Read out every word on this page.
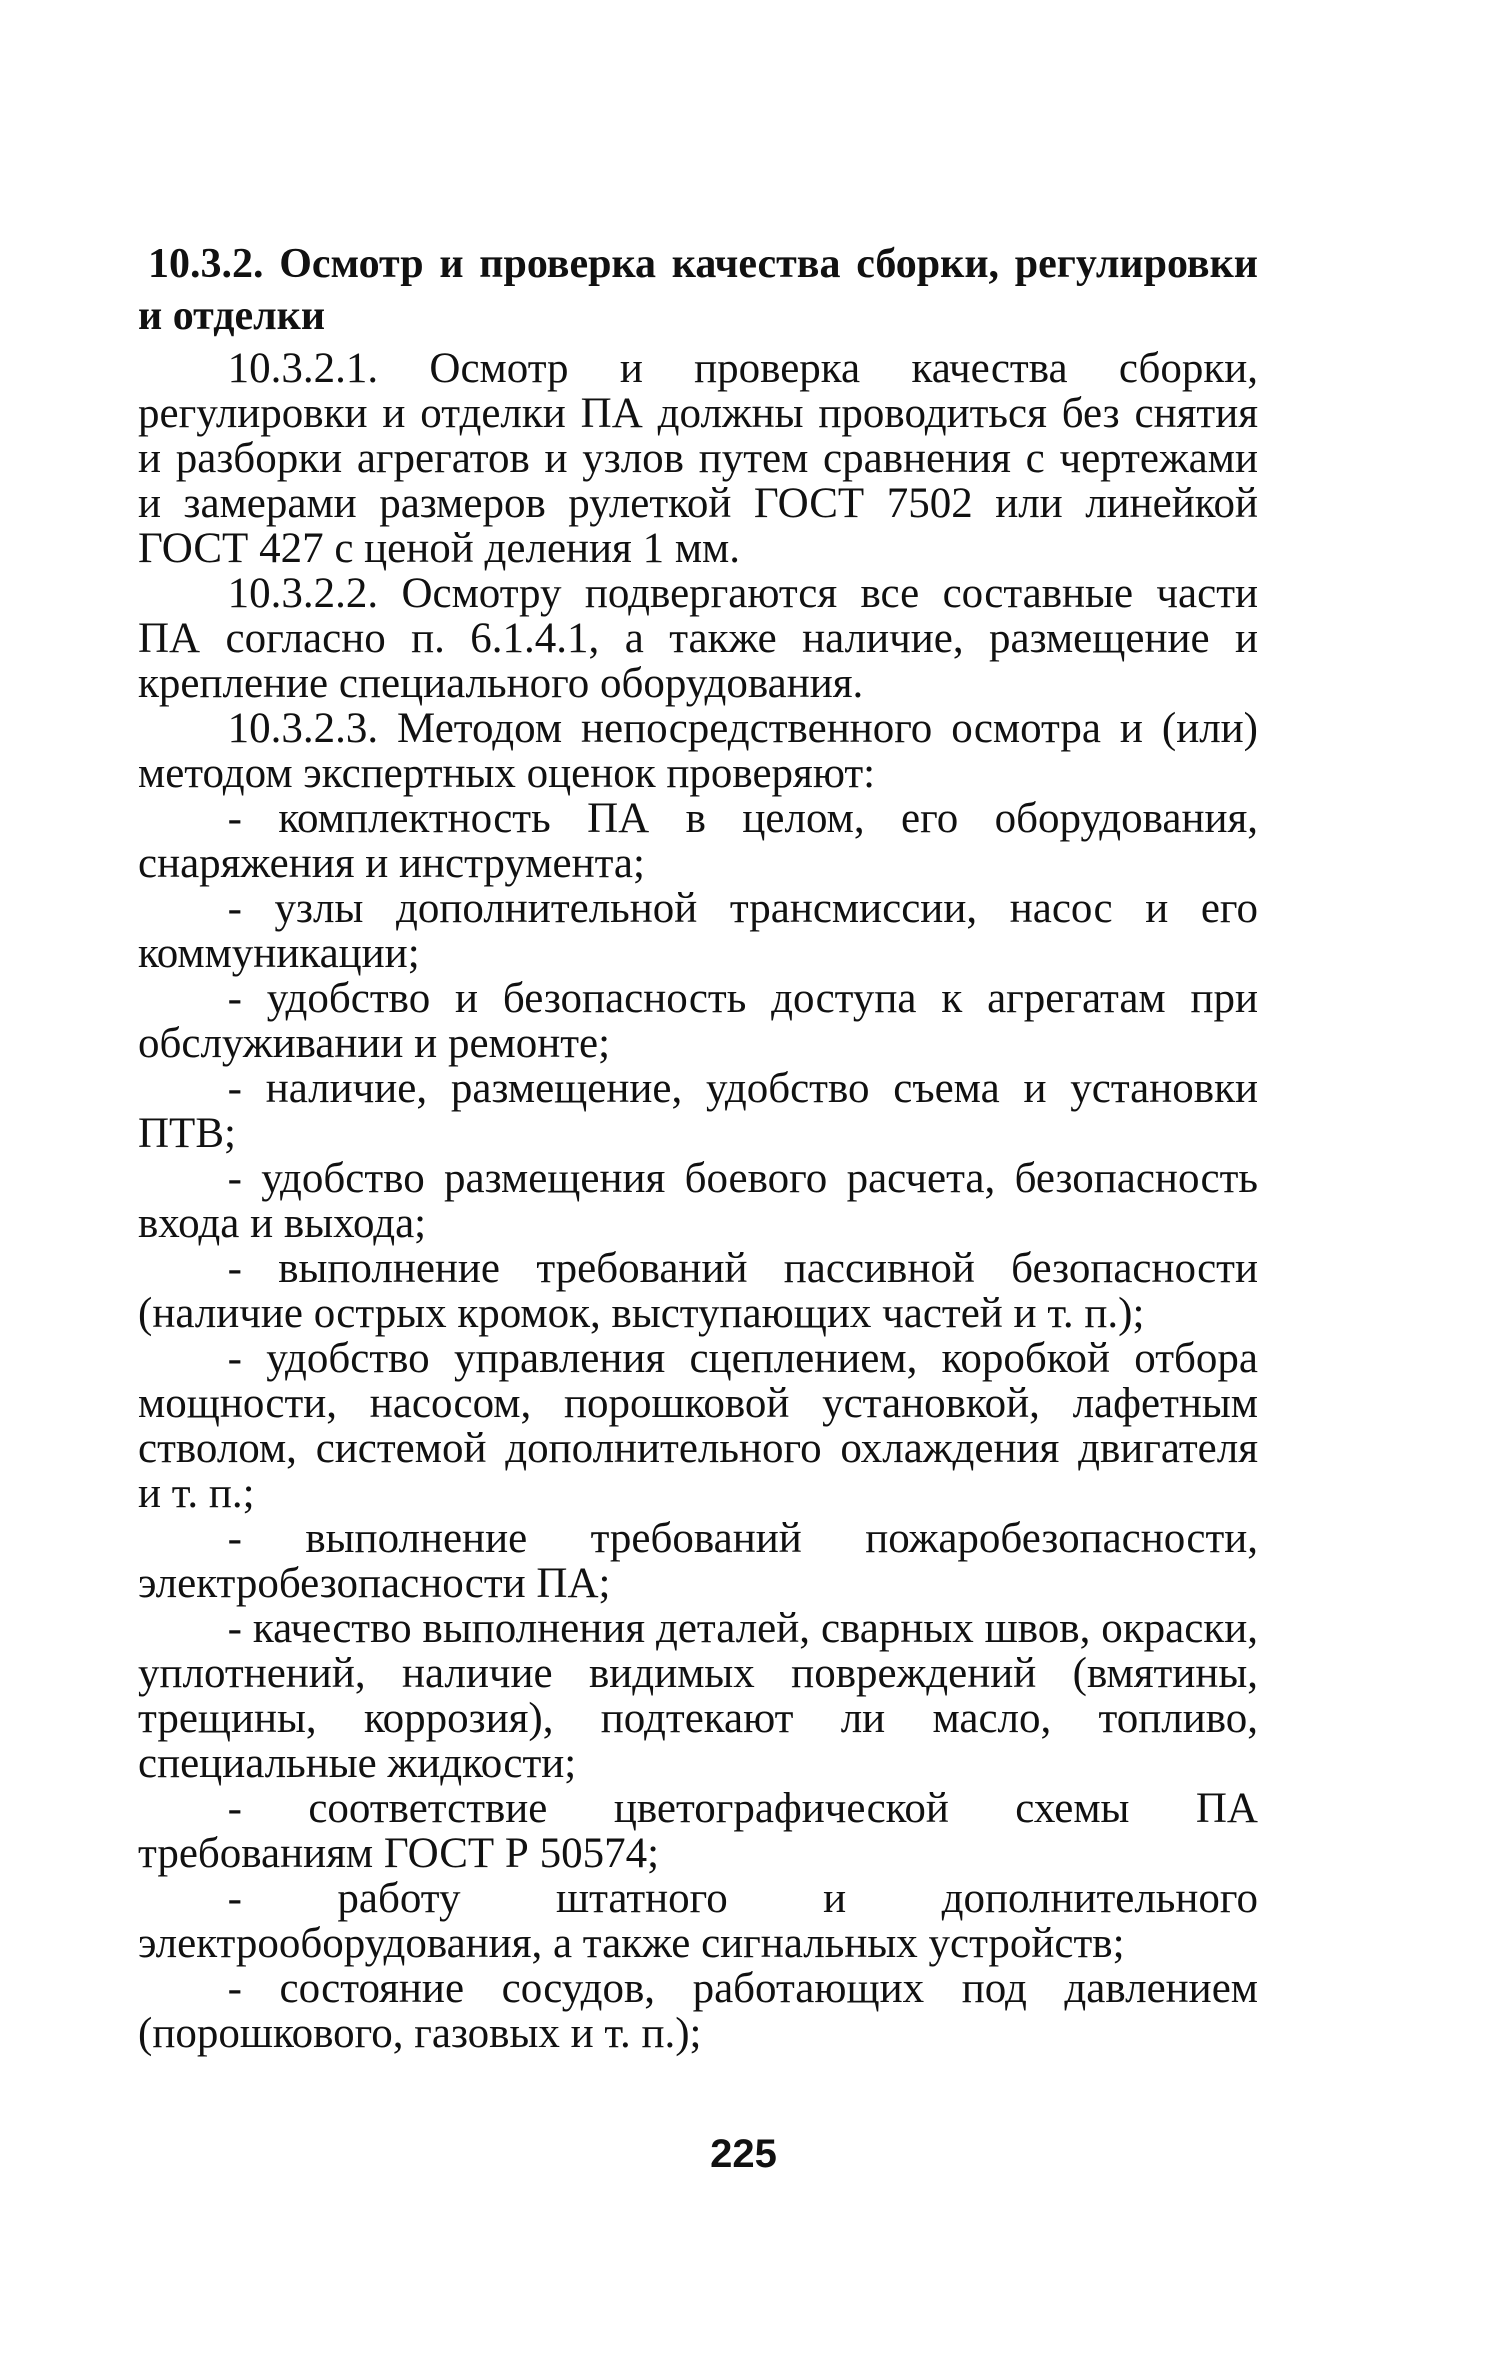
10.3.2. Осмотр и проверка качества сборки, регулировки и отделки

10.3.2.1. Осмотр и проверка качества сборки, регулировки и отделки ПА должны проводиться без снятия и разборки агрегатов и узлов путем сравнения с чертежами и замерами размеров рулеткой ГОСТ 7502 или линейкой ГОСТ 427 с ценой деления 1 мм.

10.3.2.2. Осмотру подвергаются все составные части ПА согласно п. 6.1.4.1, а также наличие, размещение и крепление специального оборудования.

10.3.2.3. Методом непосредственного осмотра и (или) методом экспертных оценок проверяют:

- комплектность ПА в целом, его оборудования, снаряжения и инструмента;

- узлы дополнительной трансмиссии, насос и его коммуникации;

- удобство и безопасность доступа к агрегатам при обслуживании и ремонте;

- наличие, размещение, удобство съема и установки ПТВ;

- удобство размещения боевого расчета, безопасность входа и выхода;

- выполнение требований пассивной безопасности (наличие острых кромок, выступающих частей и т. п.);

- удобство управления сцеплением, коробкой отбора мощности, насосом, порошковой установкой, лафетным стволом, системой дополнительного охлаждения двигателя и т. п.;

- выполнение требований пожаробезопасности, электробезопасности ПА;

- качество выполнения деталей, сварных швов, окраски, уплотнений, наличие видимых повреждений (вмятины, трещины, коррозия), подтекают ли масло, топливо, специальные жидкости;

- соответствие цветографической схемы ПА требованиям ГОСТ Р 50574;

- работу штатного и дополнительного электрооборудования, а также сигнальных устройств;

- состояние сосудов, работающих под давлением (порошкового, газовых и т. п.);

225
